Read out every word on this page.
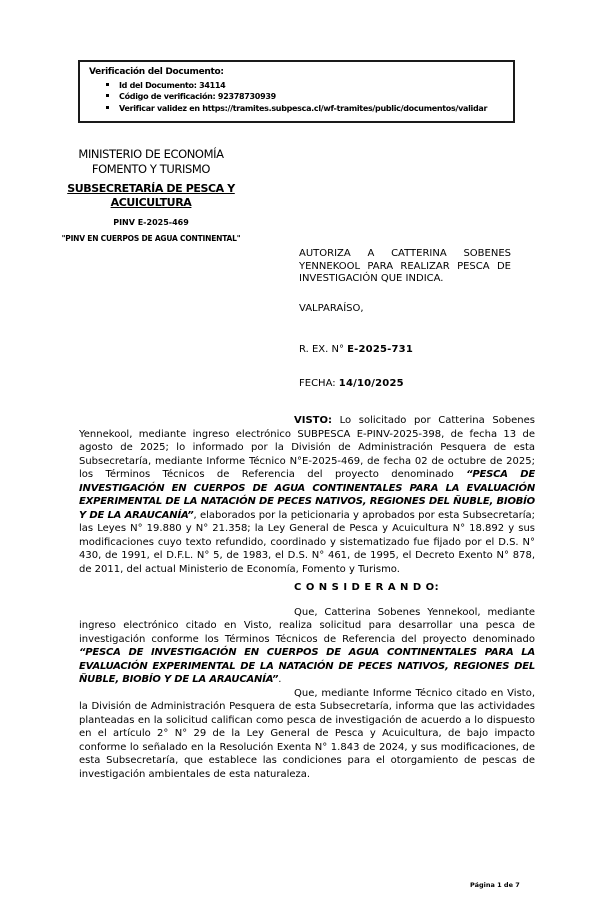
Verificación del Documento:
Id del Documento: 34114
Código de verificación: 92378730939
Verificar validez en https://tramites.subpesca.cl/wf-tramites/public/documentos/validar
MINISTERIO DE ECONOMÍA
FOMENTO Y TURISMO
SUBSECRETARÍA DE PESCA Y
ACUICULTURA
PINV E-2025-469
"PINV EN CUERPOS DE AGUA CONTINENTAL"

AUTORIZA A CATTERINA SOBENES YENNEKOOL PARA REALIZAR PESCA DE INVESTIGACIÓN QUE INDICA.

VALPARAÍSO,

R. EX. N° E-2025-731

FECHA: 14/10/2025

VISTO: Lo solicitado por Catterina Sobenes Yennekool, mediante ingreso electrónico SUBPESCA E-PINV-2025-398, de fecha 13 de agosto de 2025; lo informado por la División de Administración Pesquera de esta Subsecretaría, mediante Informe Técnico N°E-2025-469, de fecha 02 de octubre de 2025; los Términos Técnicos de Referencia del proyecto denominado “PESCA DE INVESTIGACIÓN EN CUERPOS DE AGUA CONTINENTALES PARA LA EVALUACIÓN EXPERIMENTAL DE LA NATACIÓN DE PECES NATIVOS, REGIONES DEL ÑUBLE, BIOBÍO Y DE LA ARAUCANÍA”, elaborados por la peticionaria y aprobados por esta Subsecretaría; las Leyes N° 19.880 y N° 21.358; la Ley General de Pesca y Acuicultura N° 18.892 y sus modificaciones cuyo texto refundido, coordinado y sistematizado fue fijado por el D.S. N° 430, de 1991, el D.F.L. N° 5, de 1983, el D.S. N° 461, de 1995, el Decreto Exento N° 878, de 2011, del actual Ministerio de Economía, Fomento y Turismo.

C O N S I D E R A N D O:

Que, Catterina Sobenes Yennekool, mediante ingreso electrónico citado en Visto, realiza solicitud para desarrollar una pesca de investigación conforme los Términos Técnicos de Referencia del proyecto denominado “PESCA DE INVESTIGACIÓN EN CUERPOS DE AGUA CONTINENTALES PARA LA EVALUACIÓN EXPERIMENTAL DE LA NATACIÓN DE PECES NATIVOS, REGIONES DEL ÑUBLE, BIOBÍO Y DE LA ARAUCANÍA”.

Que, mediante Informe Técnico citado en Visto, la División de Administración Pesquera de esta Subsecretaría, informa que las actividades planteadas en la solicitud califican como pesca de investigación de acuerdo a lo dispuesto en el artículo 2° N° 29 de la Ley General de Pesca y Acuicultura, de bajo impacto conforme lo señalado en la Resolución Exenta N° 1.843 de 2024, y sus modificaciones, de esta Subsecretaría, que establece las condiciones para el otorgamiento de pescas de investigación ambientales de esta naturaleza.

Página 1 de 7
